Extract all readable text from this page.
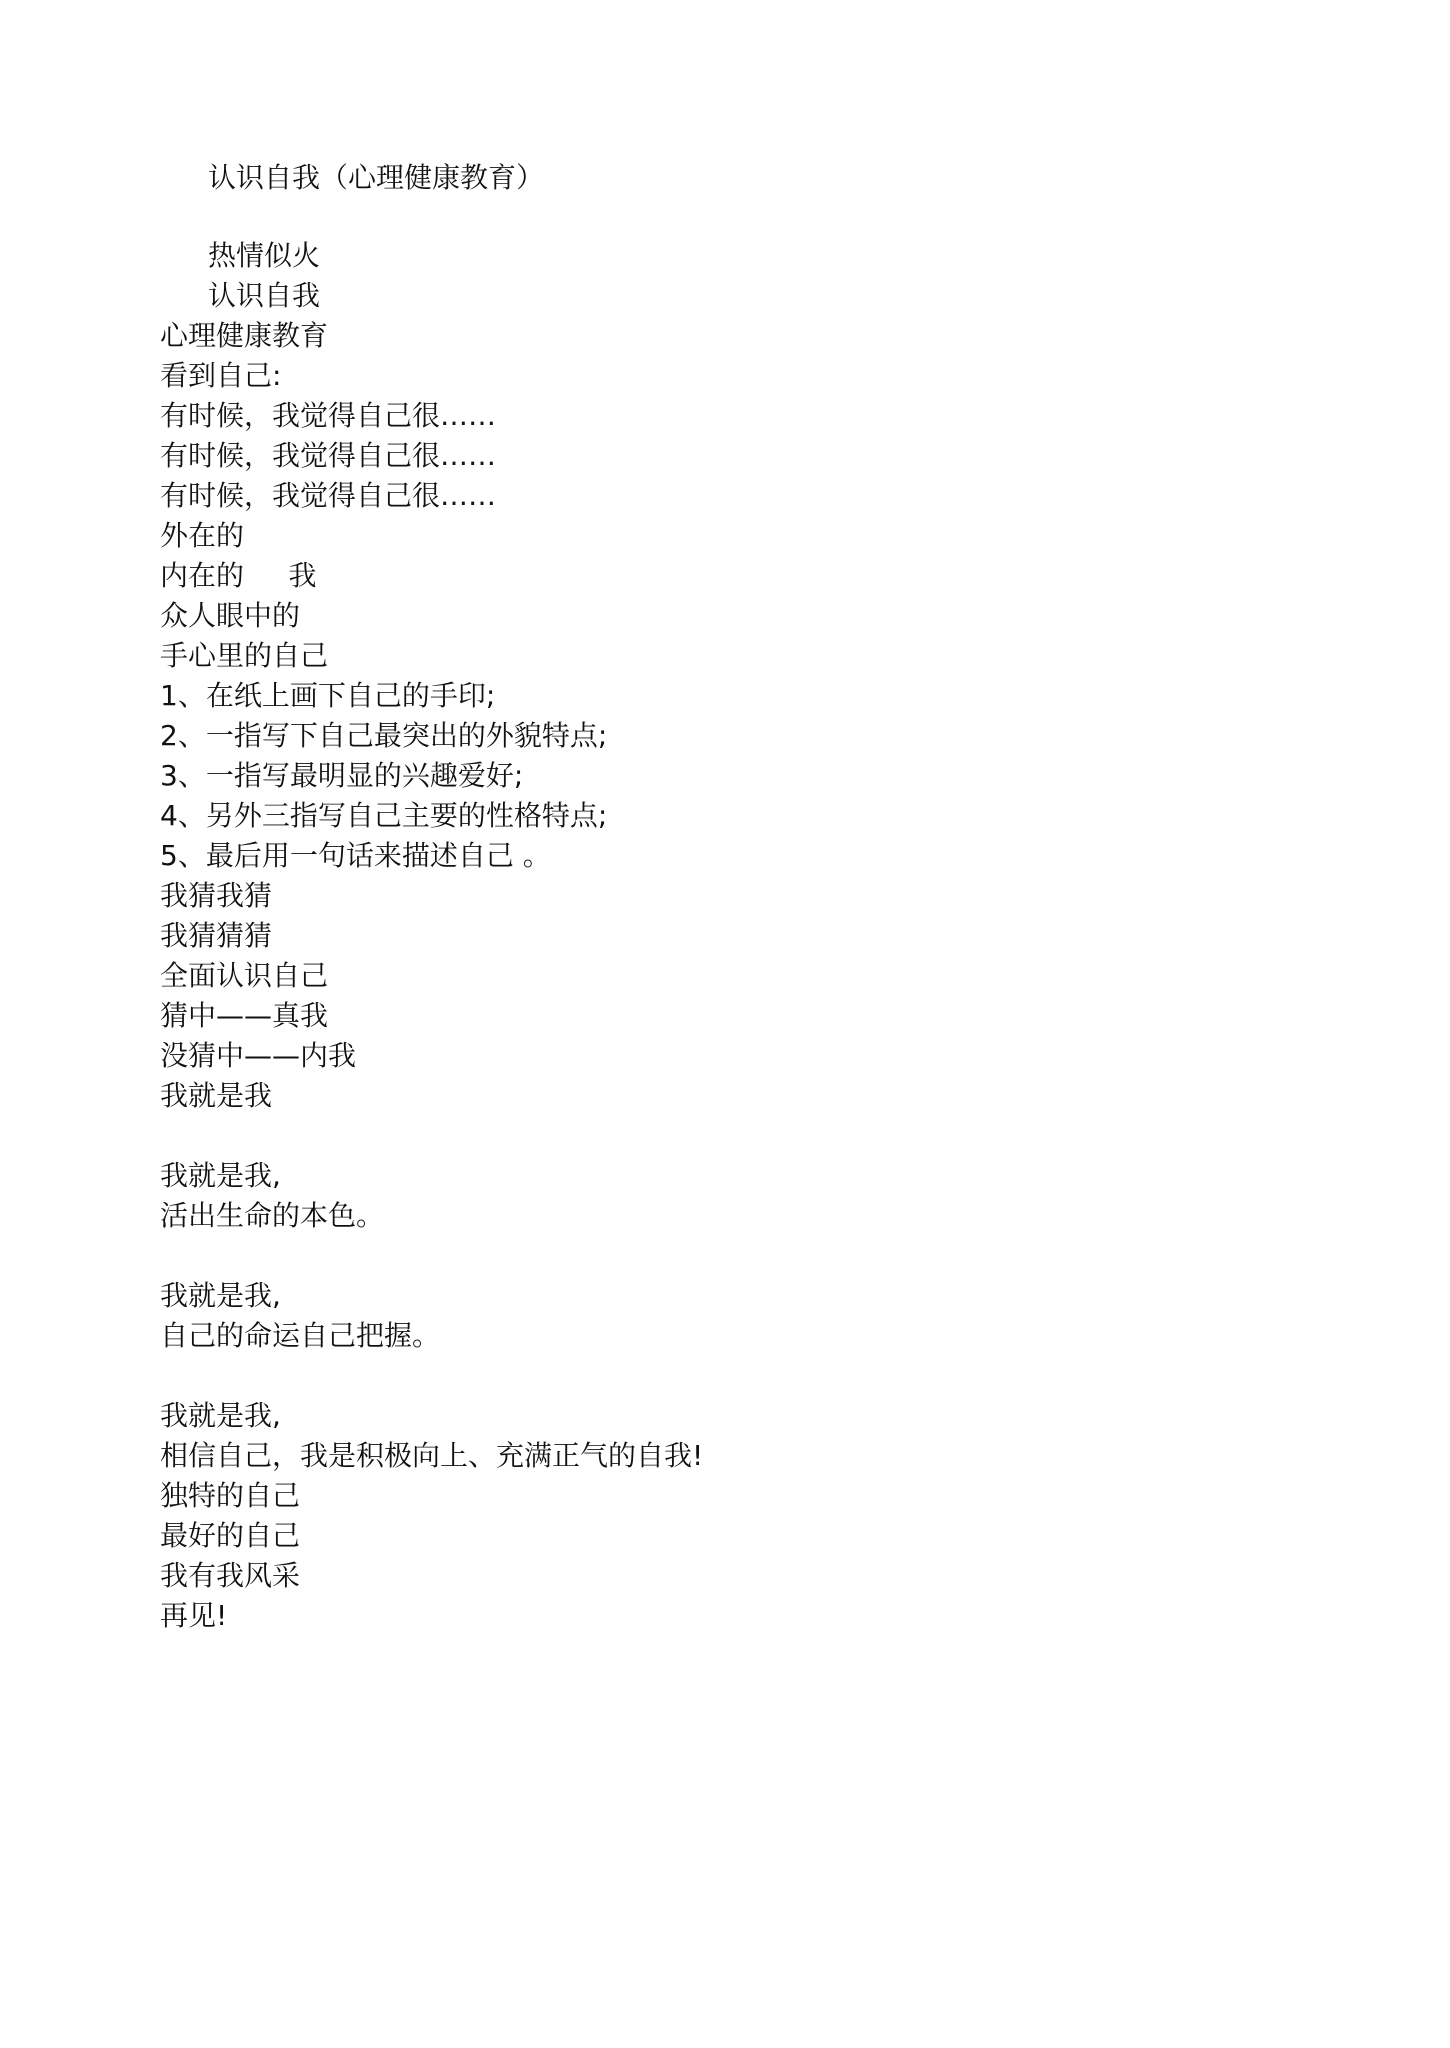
认识自我（心理健康教育）
热情似火
认识自我
心理健康教育
看到自己:
有时候，我觉得自己很……
有时候，我觉得自己很……
有时候，我觉得自己很……
外在的
内在的     我
众人眼中的
手心里的自己
1、在纸上画下自己的手印;
2、一指写下自己最突出的外貌特点;
3、一指写最明显的兴趣爱好;
4、另外三指写自己主要的性格特点;
5、最后用一句话来描述自己 。
我猜我猜
我猜猜猜
全面认识自己
猜中——真我
没猜中——内我
我就是我
我就是我,
活出生命的本色。
我就是我,
自己的命运自己把握。
我就是我,
相信自己，我是积极向上、充满正气的自我!
独特的自己
最好的自己
我有我风采
再见!
